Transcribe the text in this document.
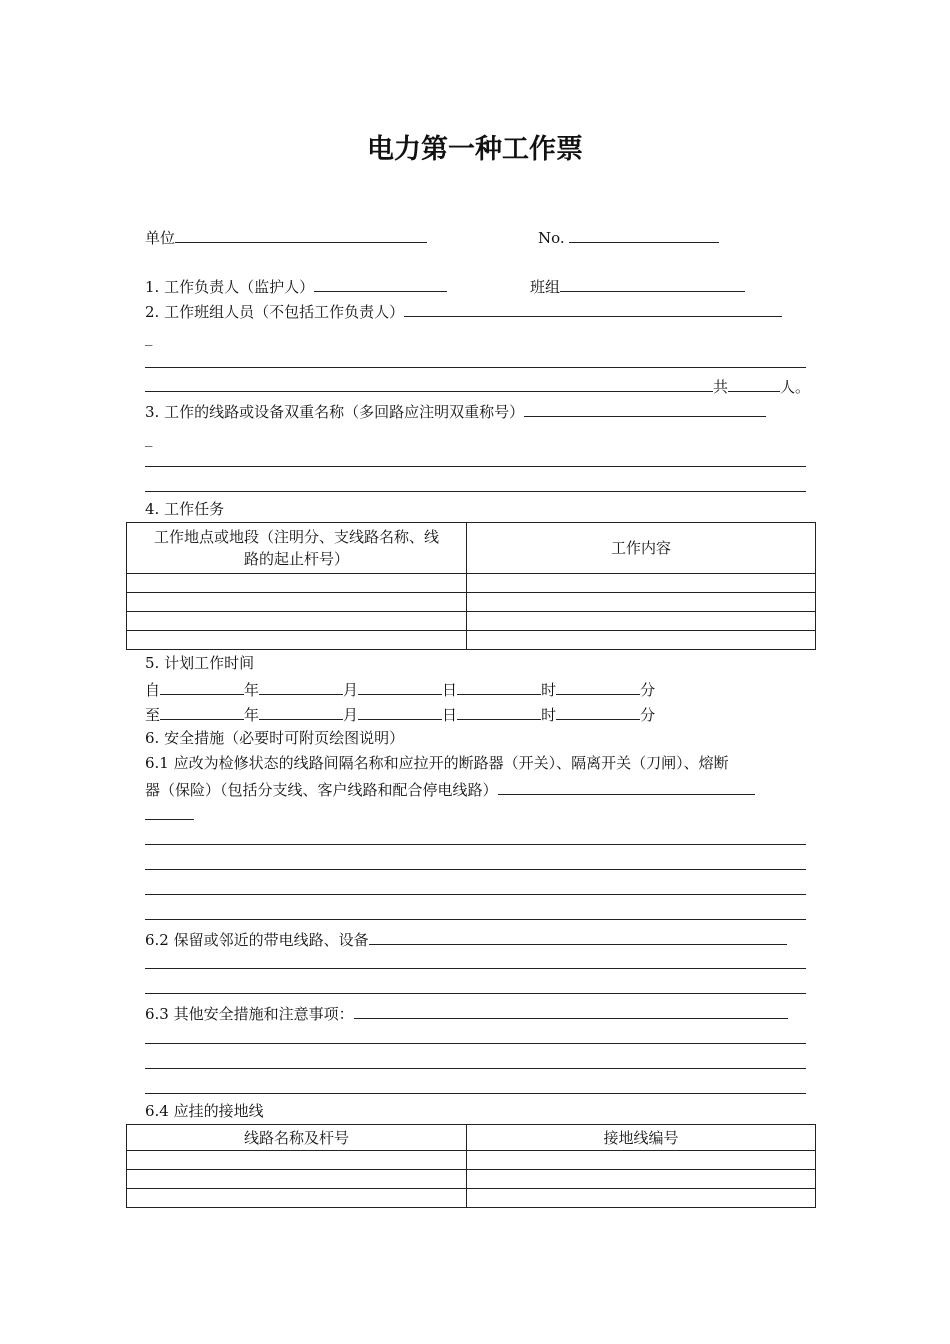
电力第一种工作票
单位	No.
1. 工作负责人（监护人）	班组
2. 工作班组人员（不包括工作负责人）
_
共	人。
3. 工作的线路或设备双重名称（多回路应注明双重称号）
_
4. 工作任务
工作地点或地段（注明分、支线路名称、线
路的起止杆号）	工作内容

5. 计划工作时间
自	年	月	日	时	分
至	年	月	日	时	分
6. 安全措施（必要时可附页绘图说明）
6.1 应改为检修状态的线路间隔名称和应拉开的断路器（开关）、隔离开关（刀闸）、熔断
器（保险）（包括分支线、客户线路和配合停电线路）
6.2 保留或邻近的带电线路、设备
6.3 其他安全措施和注意事项：
6.4 应挂的接地线
线路名称及杆号	接地线编号
